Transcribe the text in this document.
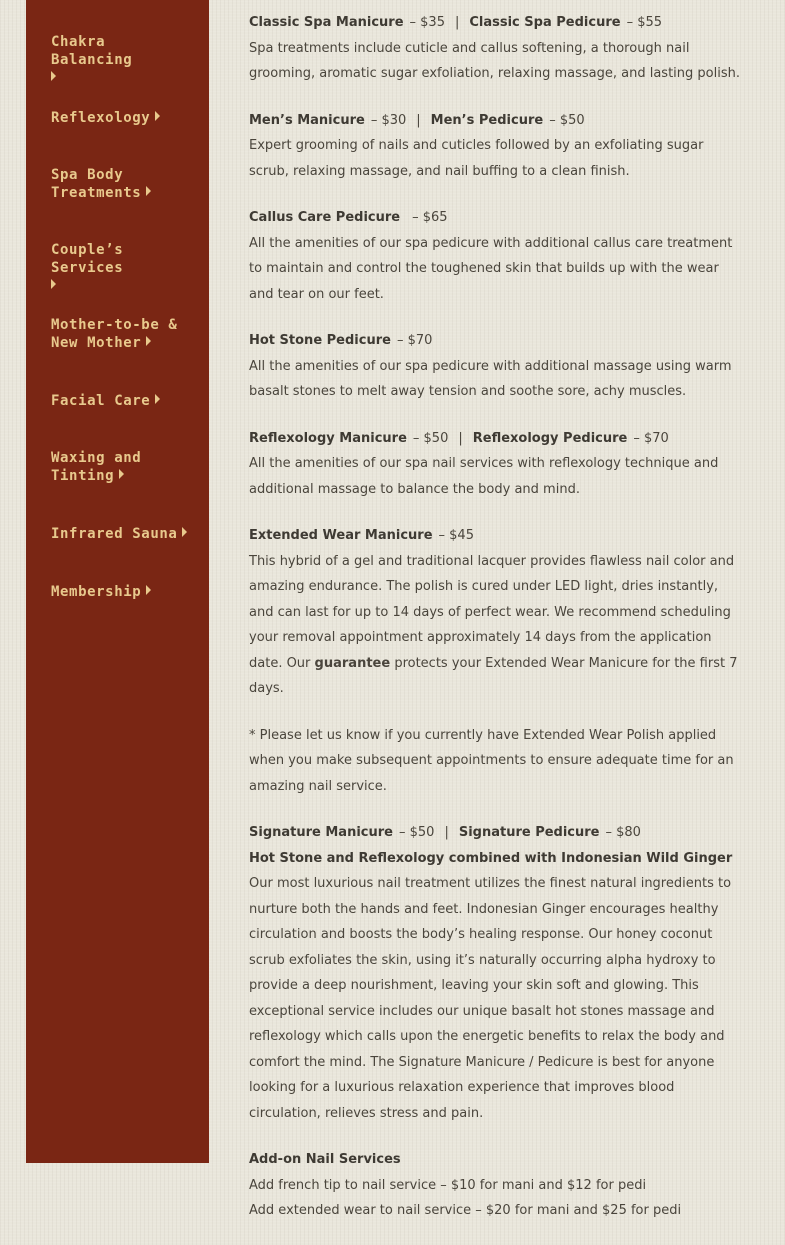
Chakra Balancing

Reflexology
Spa Body Treatments
Couple’s Services

Mother-to-be & New Mother
Facial Care
Waxing and Tinting
Infrared Sauna
Membership

Classic Spa Manicure – $35 | Classic Spa Pedicure – $55

Spa treatments include cuticle and callus softening, a thorough nail grooming, aromatic sugar exfoliation, relaxing massage, and lasting polish.

Men’s Manicure – $30 | Men’s Pedicure – $50

Expert grooming of nails and cuticles followed by an exfoliating sugar scrub, relaxing massage, and nail buffing to a clean finish.

Callus Care Pedicure – $65

All the amenities of our spa pedicure with additional callus care treatment to maintain and control the toughened skin that builds up with the wear and tear on our feet.

Hot Stone Pedicure – $70

All the amenities of our spa pedicure with additional massage using warm basalt stones to melt away tension and soothe sore, achy muscles.

Reflexology Manicure – $50 | Reflexology Pedicure – $70

All the amenities of our spa nail services with reflexology technique and additional massage to balance the body and mind.

Extended Wear Manicure – $45

This hybrid of a gel and traditional lacquer provides flawless nail color and amazing endurance. The polish is cured under LED light, dries instantly, and can last for up to 14 days of perfect wear. We recommend scheduling your removal appointment approximately 14 days from the application date. Our guarantee protects your Extended Wear Manicure for the first 7 days.

* Please let us know if you currently have Extended Wear Polish applied when you make subsequent appointments to ensure adequate time for an amazing nail service.

Signature Manicure – $50 | Signature Pedicure – $80

Hot Stone and Reflexology combined with Indonesian Wild Ginger

Our most luxurious nail treatment utilizes the finest natural ingredients to nurture both the hands and feet. Indonesian Ginger encourages healthy circulation and boosts the body’s healing response. Our honey coconut scrub exfoliates the skin, using it’s naturally occurring alpha hydroxy to provide a deep nourishment, leaving your skin soft and glowing. This exceptional service includes our unique basalt hot stones massage and reflexology which calls upon the energetic benefits to relax the body and comfort the mind. The Signature Manicure / Pedicure is best for anyone looking for a luxurious relaxation experience that improves blood circulation, relieves stress and pain.

Add-on Nail Services

Add french tip to nail service – $10 for mani and $12 for pedi

Add extended wear to nail service – $20 for mani and $25 for pedi
